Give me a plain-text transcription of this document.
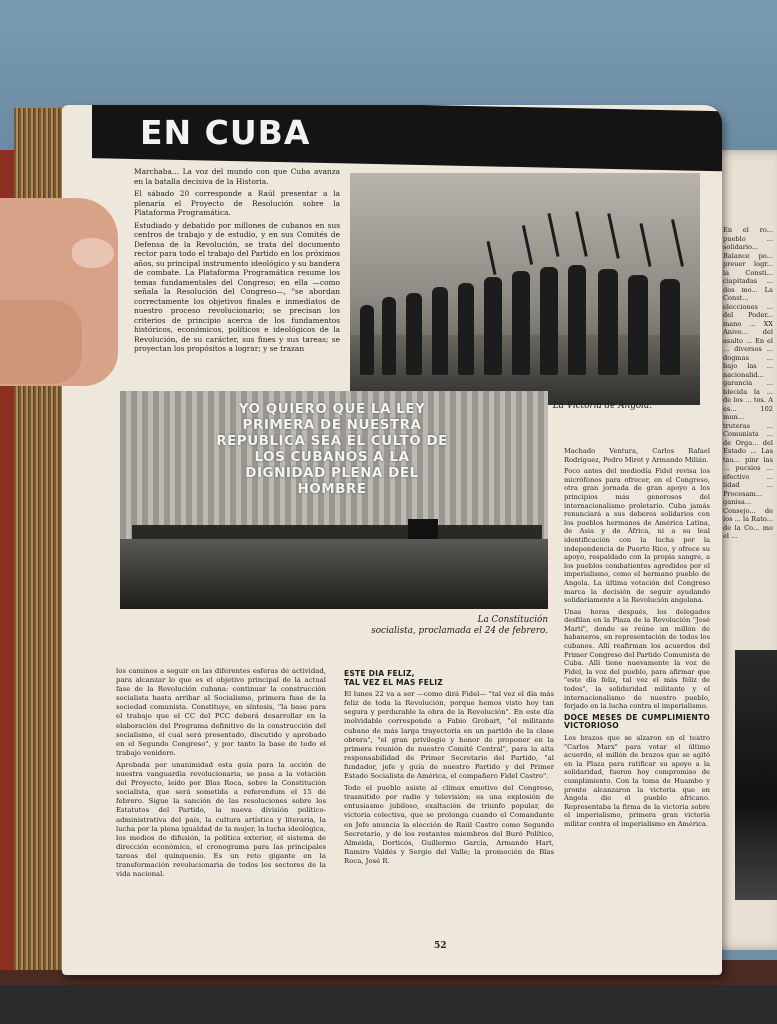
En el ro... pueblo ... solidario... Balance po... preuer logr... la Consti... ciapitadas ... dos mo... La Const... elecciones ... del Poder... mano ... XX Anive... del asalto ... En el ... diversos ... dogmas ... bajo las ... nacionalid... garancia ... blecida la ... de los ... tos. A es... 102 mun... truteras ... Comunista ... de Orga... del Estado ... Las tau... pinr las ... pucsios ... efectivo ... lidad ... Procesam... ganisa... Consejo... de los ... la Rato... de la Co... mo el ...
EN CUBA

Marchaba... La voz del mundo con que Cuba avanza en la batalla decisiva de la Historia.

El sábado 20 corresponde a Raúl presentar a la plenaria el Proyecto de Resolución sobre la Plataforma Programática.

Estudiado y debatido por millones de cubanos en sus centros de trabajo y de estudio, y en sus Comités de Defensa de la Revolución, se trata del documento rector para todo el trabajo del Partido en los próximos años, su principal instrumento ideológico y su bandera de combate. La Plataforma Programática resume los temas fundamentales del Congreso; en ella —como señala la Resolución del Congreso—, "se abordan correctamente los objetivos finales e inmediatos de nuestro proceso revolucionario; se precisan los criterios de principio acerca de los fundamentos históricos, económicos, políticos e ideológicos de la Revolución, de su carácter, sus fines y sus tareas; se proyectan los propósitos a lograr; y se trazan

La Victoria de Angola.
YO QUIERO QUE LA LEY PRIMERA DE NUESTRA REPUBLICA SEA EL CULTO DE LOS CUBANOS A LA DIGNIDAD PLENA DEL HOMBRE
La Constitución
socialista, proclamada el 24 de febrero.

Machado Ventura, Carlos Rafael Rodríguez, Pedro Miret y Armando Milián.

Poco antes del mediodía Fidel revisa los micrófonos para ofrecer, en el Congreso, otra gran jornada de gran apoyo a los principios más generosos del internacionalismo proletario. Cuba jamás renunciará a sus deberes solidarios con los pueblos hermanos de América Latina, de Asia y de África, ni a su leal identificación con la lucha por la independencia de Puerto Rico, y ofrece su apoyo, respaldado con la propia sangre, a los pueblos combatientes agredidos por el imperialismo, como el hermano pueblo de Angola. La última votación del Congreso marca la decisión de seguir ayudando solidariamente a la Revolución angolana.

Unas horas después, los delegados desfilan en la Plaza de la Revolución "José Martí", donde se reúne un millón de habaneros, en representación de todos los cubanos. Allí reafirman los acuerdos del Primer Congreso del Partido Comunista de Cuba. Allí tiene nuevamente la voz de Fidel, la voz del pueblo, para afirmar que "este día feliz, tal vez el más feliz de todos", la solidaridad militante y el internacionalismo de nuestro pueblo, forjado en la lucha contra el imperialismo.

DOCE MESES DE CUMPLIMIENTO VICTORIOSO

Los brazos que se alzaron en el teatro "Carlos Marx" para votar el último acuerdo, el millón de brazos que se agitó en la Plaza para ratificar su apoyo a la solidaridad, fueron hoy compromiso de cumplimiento. Con la toma de Huambo y pronto alcanzaron la victoria que en Angola dio el pueblo africano. Representaba la firma de la victoria sobre el imperialismo, primera gran victoria militar contra el imperialismo en América.

los caminos a seguir en las diferentes esferas de actividad, para alcanzar lo que es el objetivo principal de la actual fase de la Revolución cubana: continuar la construcción socialista hasta arribar al Socialismo, primera fase de la sociedad comunista. Constituye, en síntesis, "la base para el trabajo que el CC del PCC deberá desarrollar en la elaboración del Programa definitivo de la construcción del socialismo, el cual será presentado, discutido y aprobado en el Segundo Congreso", y por tanto la base de todo el trabajo venidero.

Aprobada por unanimidad esta guía para la acción de nuestra vanguardia revolucionaria, se pasa a la votación del Proyecto, leído por Blas Roca, sobre la Constitución socialista, que será sometida a referendum el 15 de febrero. Sigue la sanción de las resoluciones sobre los Estatutos del Partido, la nueva división político-administrativa del país, la cultura artística y literaria, la lucha por la plena igualdad de la mujer, la lucha ideológica, los medios de difusión, la política exterior, el sistema de dirección económica, el cronograma para las principales tareas del quinquenio. Es un reto gigante en la transformación revolucionaria de todos los sectores de la vida nacional.

ESTE DIA FELIZ,
TAL VEZ EL MAS FELIZ

El lunes 22 va a ser —como dirá Fidel— "tal vez el día más feliz de toda la Revolución, porque hemos visto hoy tan segura y perdurable la obra de la Revolución". En este día inolvidable corresponde a Fabio Grobart, "el militante cubano de más larga trayectoria en un partido de la clase obrera", "el gran privilegio y honor de proponer en la primera reunión de nuestro Comité Central", para la alta responsabilidad de Primer Secretario del Partido, "al fundador, jefe y guía de nuestro Partido y del Primer Estado Socialista de América, el compañero Fidel Castro".

Todo el pueblo asiste al clímax emotivo del Congreso, trasmitido por radio y televisión; es una explosión de entusiasmo jubiloso, exaltación de triunfo popular, de victoria colectiva, que se prolonga cuando el Comandante en Jefe anuncia la elección de Raúl Castro como Segundo Secretario, y de los restantes miembros del Buró Político, Almeida, Dorticós, Guillermo García, Armando Hart, Ramiro Valdés y Sergio del Valle; la promoción de Blas Roca, José R.

52
